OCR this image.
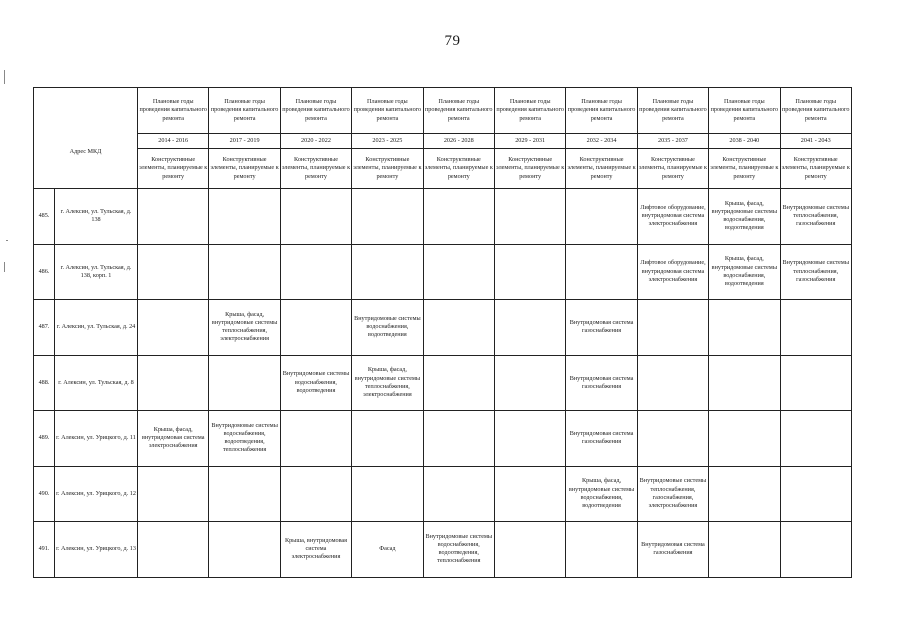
79
Адрес МКД		Плановые годы проведения капитального ремонта	Плановые годы проведения капитального ремонта	Плановые годы проведения капитального ремонта	Плановые годы проведения капитального ремонта	Плановые годы проведения капитального ремонта	Плановые годы проведения капитального ремонта	Плановые годы проведения капитального ремонта	Плановые годы проведения капитального ремонта	Плановые годы проведения капитального ремонта	Плановые годы проведения капитального ремонта
		2014 - 2016	2017 - 2019	2020 - 2022	2023 - 2025	2026 - 2028	2029 - 2031	2032 - 2034	2035 - 2037	2038 - 2040	2041 - 2043
		Конструктивные элементы, планируемые к ремонту	Конструктивные элементы, планируемые к ремонту	Конструктивные элементы, планируемые к ремонту	Конструктивные элементы, планируемые к ремонту	Конструктивные элементы, планируемые к ремонту	Конструктивные элементы, планируемые к ремонту	Конструктивные элементы, планируемые к ремонту	Конструктивные элементы, планируемые к ремонту	Конструктивные элементы, планируемые к ремонту	Конструктивные элементы, планируемые к ремонту
485.	г. Алексин, ул. Тульская, д. 138								Лифтовое оборудование, внутридомовая система электроснабжения	Крыша, фасад, внутридомовые системы водоснабжения, водоотведения	Внутридомовые системы теплоснабжения, газоснабжения
486.	г. Алексин, ул. Тульская, д. 138, корп. 1								Лифтовое оборудование, внутридомовая система электроснабжения	Крыша, фасад, внутридомовые системы водоснабжения, водоотведения	Внутридомовые системы теплоснабжения, газоснабжения
487.	г. Алексин, ул. Тульская, д. 24		Крыша, фасад, внутридомовые системы теплоснабжения, электроснабжения		Внутридомовые системы водоснабжения, водоотведения			Внутридомовая система газоснабжения			
488.	г. Алексин, ул. Тульская, д. 8			Внутридомовые системы водоснабжения, водоотведения	Крыша, фасад, внутридомовые системы теплоснабжения, электроснабжения			Внутридомовая система газоснабжения			
489.	г. Алексин, ул. Урицкого, д. 11	Крыша, фасад, внутридомовая система электроснабжения	Внутридомовые системы водоснабжения, водоотведения, теплоснабжения					Внутридомовая система газоснабжения			
490.	г. Алексин, ул. Урицкого, д. 12							Крыша, фасад, внутридомовые системы водоснабжения, водоотведения	Внутридомовые системы теплоснабжения, газоснабжения, электроснабжения		
491.	г. Алексин, ул. Урицкого, д. 13			Крыша, внутридомовая система электроснабжения	Фасад	Внутридомовые системы водоснабжения, водоотведения, теплоснабжения			Внутридомовая система газоснабжения		
